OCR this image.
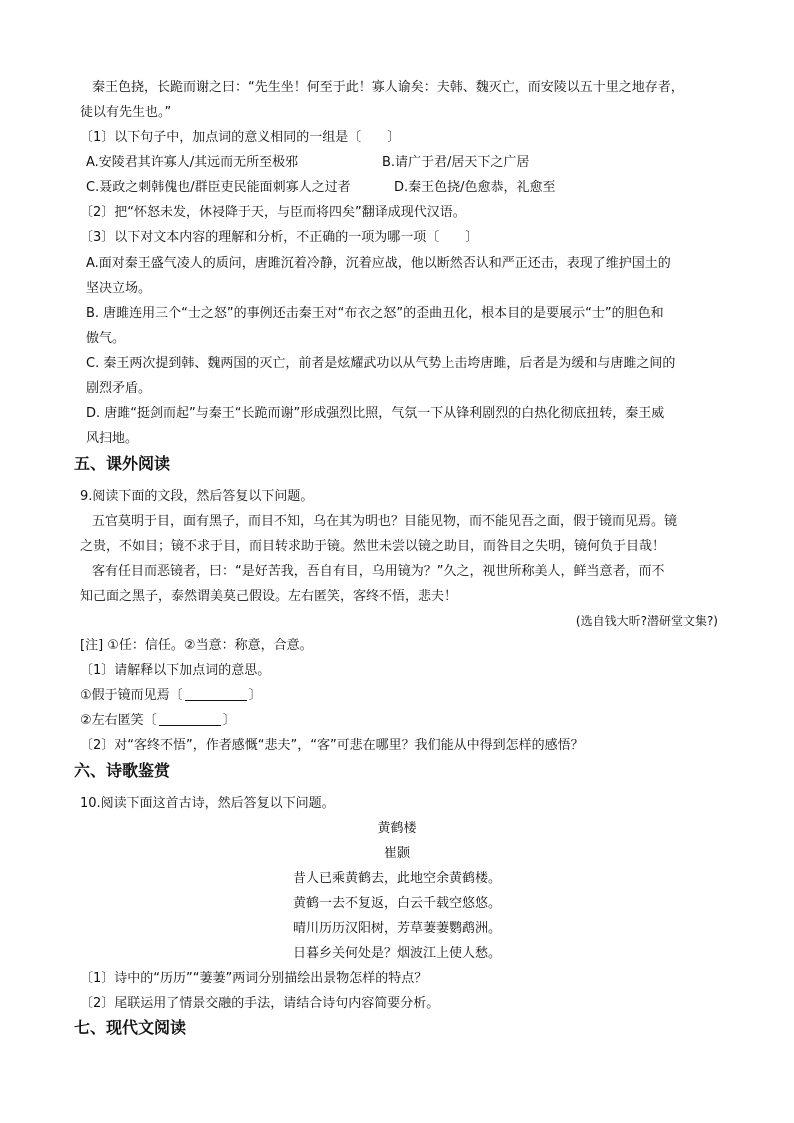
秦王色挠，长跪而谢之曰：“先生坐！何至于此！寡人谕矣：夫韩、魏灭亡，而安陵以五十里之地存者，
徒以有先生也。”
〔1〕以下句子中，加点词的意义相同的一组是〔　　〕
A.安陵君其许寡人/其远而无所至极邪	B.请广于君/居天下之广居
C.聂政之刺韩傀也/群臣吏民能面刺寡人之过者	D.秦王色挠/色愈恭，礼愈至
〔2〕把“怀怒未发，休祲降于天，与臣而将四矣”翻译成现代汉语。
〔3〕以下对文本内容的理解和分析，不正确的一项为哪一项〔　　〕
A.面对秦王盛气凌人的质问，唐雎沉着冷静，沉着应战，他以断然否认和严正还击，表现了维护国土的
坚决立场。
B. 唐雎连用三个“士之怒”的事例还击秦王对“布衣之怒”的歪曲丑化，根本目的是要展示“士”的胆色和
傲气。
C. 秦王两次提到韩、魏两国的灭亡，前者是炫耀武功以从气势上击垮唐雎，后者是为缓和与唐雎之间的
剧烈矛盾。
D. 唐雎“挺剑而起”与秦王“长跪而谢”形成强烈比照，气氛一下从锋利剧烈的白热化彻底扭转，秦王威
风扫地。
五、课外阅读
9.阅读下面的文段，然后答复以下问题。
五官莫明于目，面有黑子，而目不知，乌在其为明也？目能见物，而不能见吾之面，假于镜而见焉。镜
之贵，不如目；镜不求于目，而目转求助于镜。然世未尝以镜之助目，而咎目之失明，镜何负于目哉！
客有任目而恶镜者，曰：“是好苦我，吾自有目，乌用镜为？”久之，视世所称美人，鲜当意者，而不
知己面之黑子，泰然谓美莫己假设。左右匿笑，客终不悟，悲夫！
(选自钱大昕?潜研堂文集?)
[注] ①任：信任。②当意：称意，合意。
〔1〕请解释以下加点词的意思。
①假于镜而见焉〔	〕
②左右匿笑〔	〕
〔2〕对“客终不悟”，作者感慨“悲夫”，“客”可悲在哪里？我们能从中得到怎样的感悟？
六、诗歌鉴赏
10.阅读下面这首古诗，然后答复以下问题。
黄鹤楼
崔颢
昔人已乘黄鹤去，此地空余黄鹤楼。
黄鹤一去不复返，白云千载空悠悠。
晴川历历汉阳树，芳草萋萋鹦鹉洲。
日暮乡关何处是？烟波江上使人愁。
〔1〕诗中的“历历”“萋萋”两词分别描绘出景物怎样的特点？
〔2〕尾联运用了情景交融的手法，请结合诗句内容简要分析。
七、现代文阅读
